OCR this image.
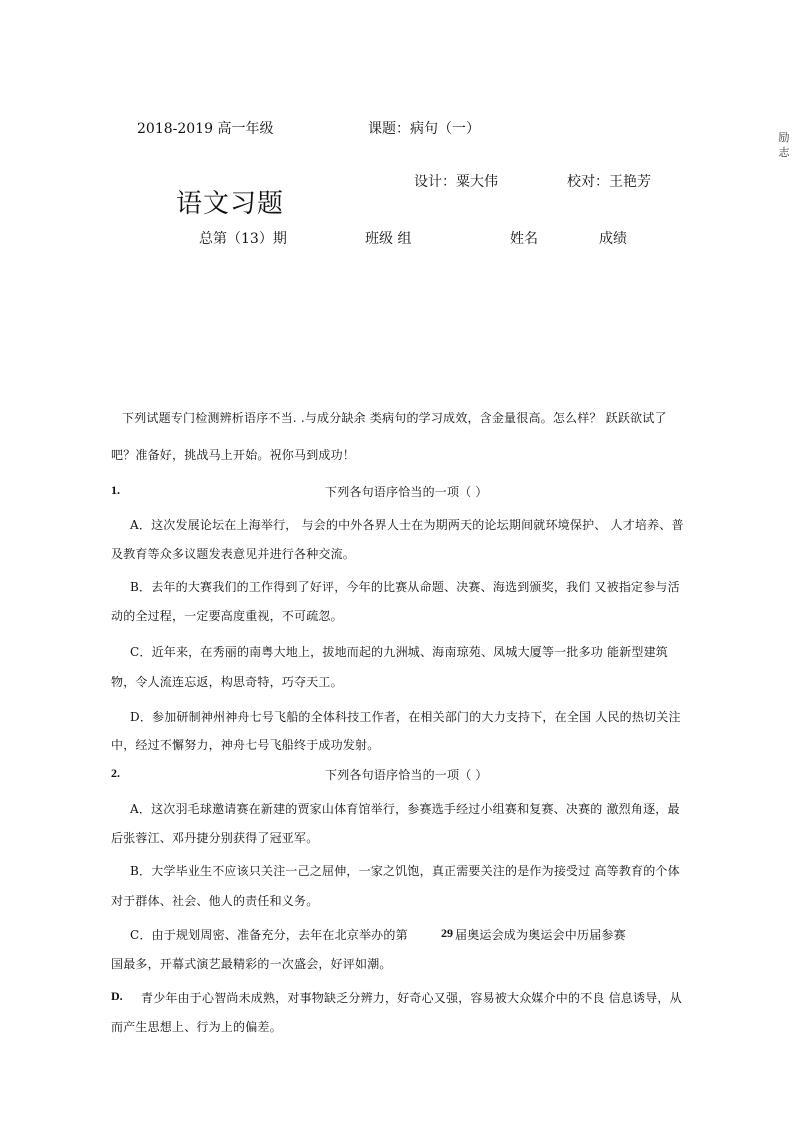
2018-2019 高一年级	课题：病句（一）
设计：粟大伟	校对：王艳芳
语文习题
总第（13）期	班级 组	姓名	成绩
励
志
下列试题专门检测辨析语序不当. .与成分缺余 类病句的学习成效，含金量很高。怎么样？ 跃跃欲试了
吧？准备好，挑战马上开始。祝你马到成功！
1.	下列各句语序恰当的一项（ ）
A．这次发展论坛在上海举行， 与会的中外各界人士在为期两天的论坛期间就环境保护、 人才培养、普
及教育等众多议题发表意见并进行各种交流。
B．去年的大赛我们的工作得到了好评，今年的比赛从命题、决赛、海选到颁奖，我们 又被指定参与活
动的全过程，一定要高度重视，不可疏忽。
C．近年来，在秀丽的南粤大地上，拔地而起的九洲城、海南琼苑、凤城大厦等一批多功 能新型建筑
物，令人流连忘返，构思奇特，巧夺天工。
D．参加研制神州神舟七号飞船的全体科技工作者，在相关部门的大力支持下，在全国 人民的热切关注
中，经过不懈努力，神舟七号飞船终于成功发射。
2.	下列各句语序恰当的一项（ ）
A．这次羽毛球邀请赛在新建的贾家山体育馆举行，参赛选手经过小组赛和复赛、决赛的 激烈角逐，最
后张蓉江、邓丹捷分别获得了冠亚军。
B．大学毕业生不应该只关注一己之屈伸，一家之饥饱，真正需要关注的是作为接受过 高等教育的个体
对于群体、社会、他人的责任和义务。
C．由于规划周密、准备充分，去年在北京举办的第	29 届奥运会成为奥运会中历届参赛
国最多，开幕式演艺最精彩的一次盛会，好评如潮。
D. 青少年由于心智尚未成熟，对事物缺乏分辨力，好奇心又强，容易被大众媒介中的不良 信息诱导，从
而产生思想上、行为上的偏差。
